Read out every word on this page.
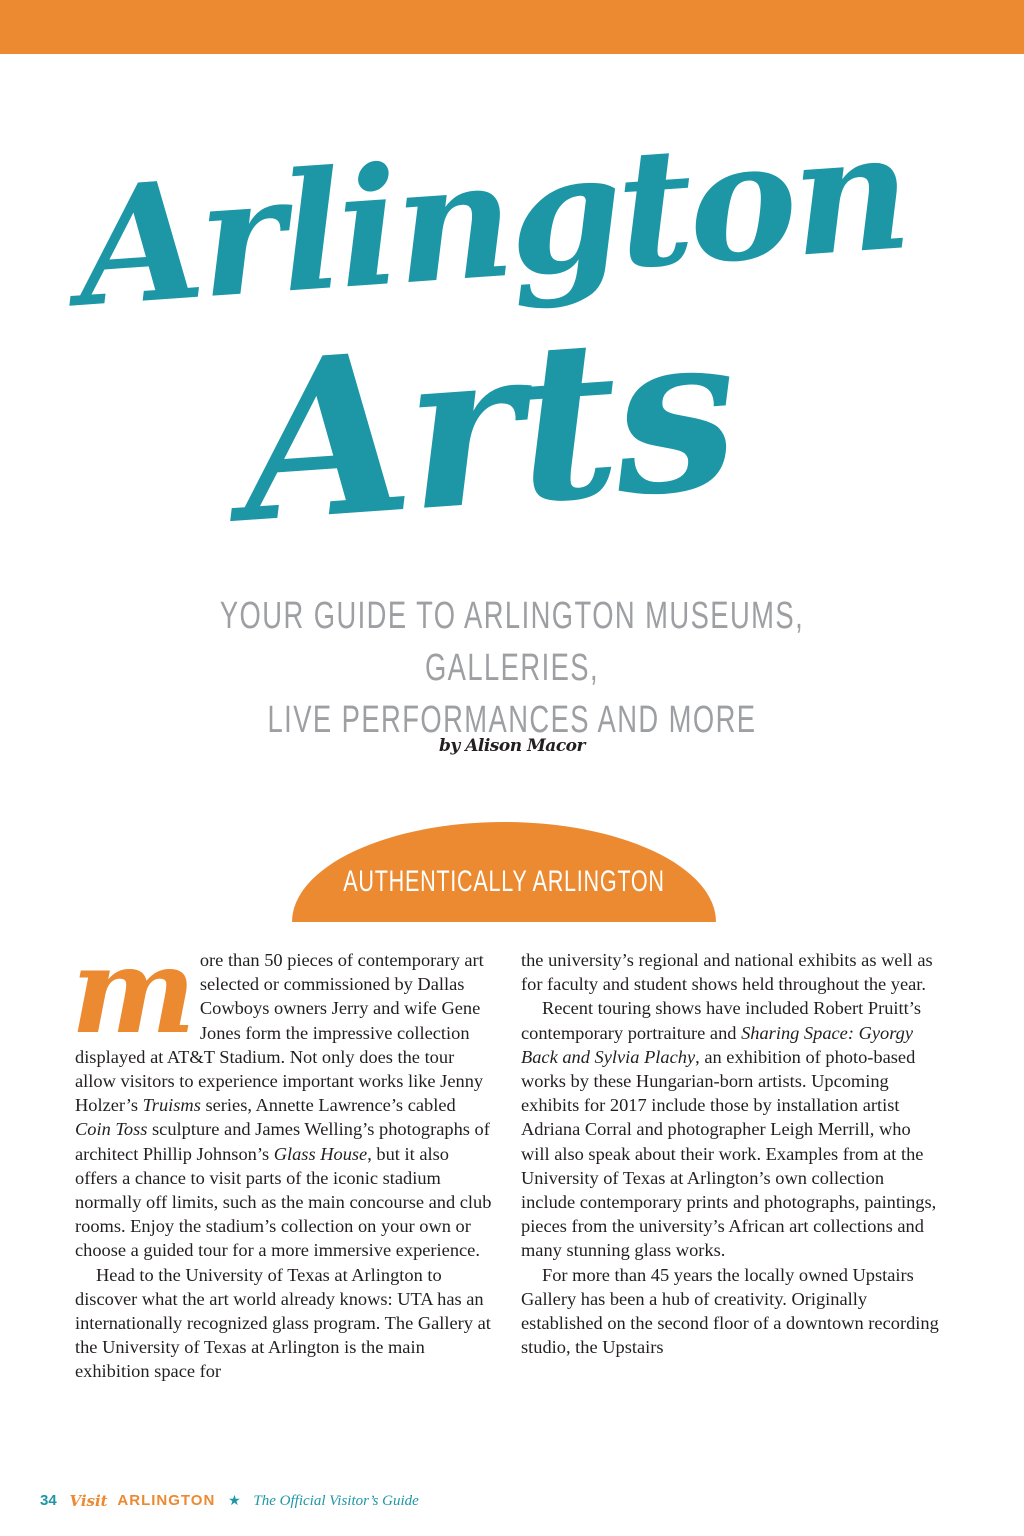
Arlington
Arts
YOUR GUIDE TO ARLINGTON MUSEUMS, GALLERIES,
LIVE PERFORMANCES AND MORE
by Alison Macor
AUTHENTICALLY ARLINGTON

more than 50 pieces of contemporary art selected or commissioned by Dallas Cowboys owners Jerry and wife Gene Jones form the impressive collection displayed at AT&T Stadium. Not only does the tour allow visitors to experience important works like Jenny Holzer’s Truisms series, Annette Lawrence’s cabled Coin Toss sculpture and James Welling’s photographs of architect Phillip Johnson’s Glass House, but it also offers a chance to visit parts of the iconic stadium normally off limits, such as the main concourse and club rooms. Enjoy the stadium’s collection on your own or choose a guided tour for a more immersive experience.

Head to the University of Texas at Arlington to discover what the art world already knows: UTA has an internationally recognized glass program. The Gallery at the University of Texas at Arlington is the main exhibition space for

the university’s regional and national exhibits as well as for faculty and student shows held throughout the year.

Recent touring shows have included Robert Pruitt’s contemporary portraiture and Sharing Space: Gyorgy Back and Sylvia Plachy, an exhibition of photo-based works by these Hungarian-born artists. Upcoming exhibits for 2017 include those by installation artist Adriana Corral and photographer Leigh Merrill, who will also speak about their work. Examples from at the University of Texas at Arlington’s own collection include contemporary prints and photographs, paintings, pieces from the university’s African art collections and many stunning glass works.

For more than 45 years the locally owned Upstairs Gallery has been a hub of creativity. Originally established on the second floor of a downtown recording studio, the Upstairs

34 Visit ARLINGTON ★ The Official Visitor’s Guide
